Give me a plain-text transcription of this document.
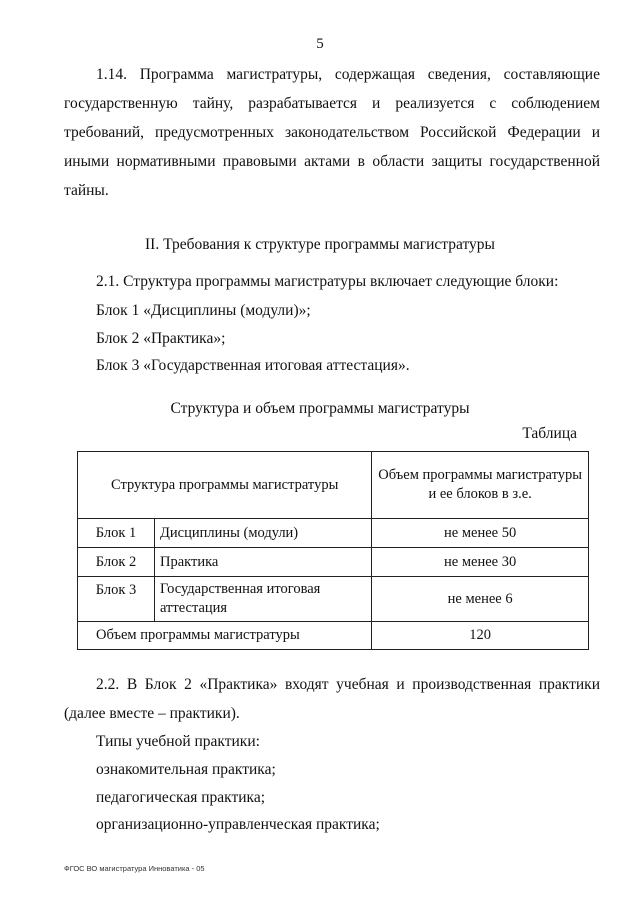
5

1.14. Программа магистратуры, содержащая сведения, составляющие государственную тайну, разрабатывается и реализуется с соблюдением требований, предусмотренных законодательством Российской Федерации и иными нормативными правовыми актами в области защиты государственной тайны.

II. Требования к структуре программы магистратуры
2.1. Структура программы магистратуры включает следующие блоки:
Блок 1 «Дисциплины (модули)»;
Блок 2 «Практика»;
Блок 3 «Государственная итоговая аттестация».
Структура и объем программы магистратуры
Таблица
Структура программы магистратуры		Объем программы магистратуры и ее блоков в з.е.
Блок 1	Дисциплины (модули)	не менее 50
Блок 2	Практика	не менее 30
Блок 3	Государственная итоговая аттестация	не менее 6
Объем программы магистратуры		120

2.2. В Блок 2 «Практика» входят учебная и производственная практики (далее вместе – практики).

Типы учебной практики:
ознакомительная практика;
педагогическая практика;
организационно-управленческая практика;
ФГОС ВО магистратура Инноватика - 05
